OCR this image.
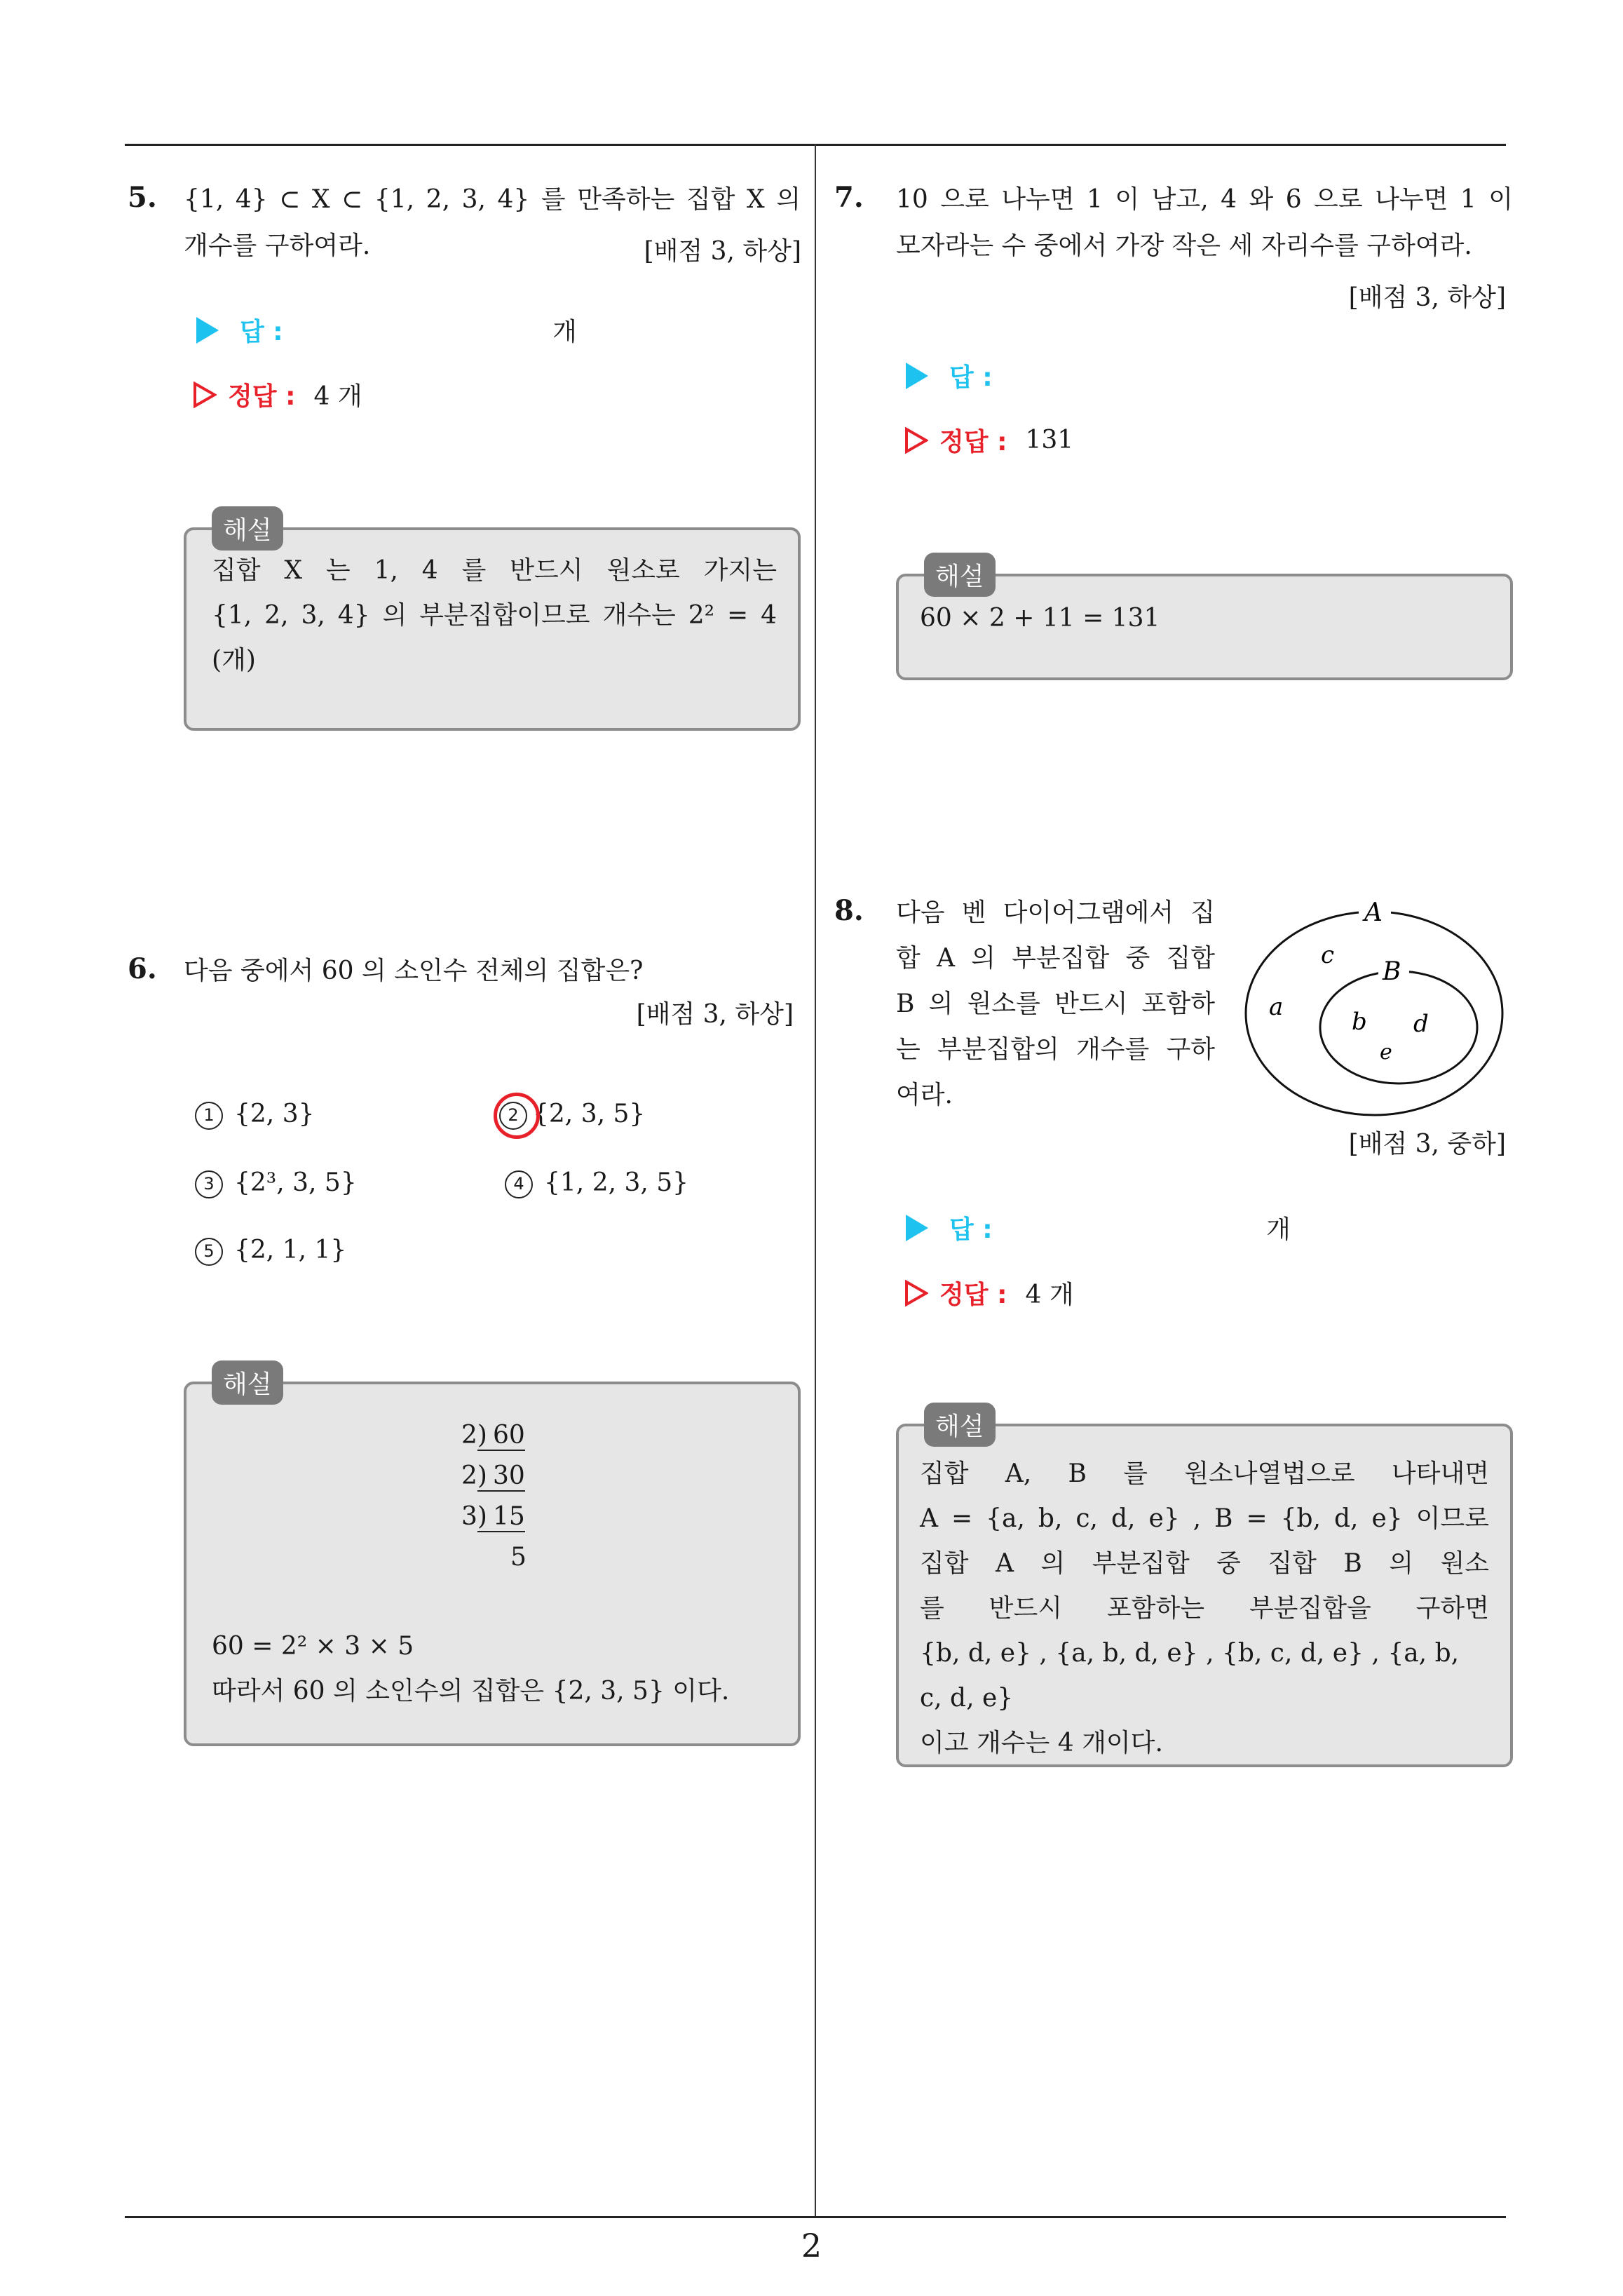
5. {1, 4} ⊂ X ⊂ {1, 2, 3, 4} 를 만족하는 집합 X 의
개수를 구하여라.	[배점 3, 하상]
답 :	개
정답 : 4 개
해설
집합 X 는 1, 4 를 반드시 원소로 가지는
{1, 2, 3, 4} 의 부분집합이므로 개수는 2² = 4
(개)
6. 다음 중에서 60 의 소인수 전체의 집합은?
[배점 3, 하상]
1 {2, 3}	2 {2, 3, 5}
3 {2³, 3, 5}	4 {1, 2, 3, 5}
5 {2, 1, 1}
해설
2) 60
2) 30
3) 15
5
60 = 2² × 3 × 5
따라서 60 의 소인수의 집합은 {2, 3, 5} 이다.
7. 10 으로 나누면 1 이 남고, 4 와 6 으로 나누면 1 이
모자라는 수 중에서 가장 작은 세 자리수를 구하여라.
[배점 3, 하상]
답 :
정답 : 131
해설
60 × 2 + 11 = 131
8. 다음 벤 다이어그램에서 집
합 A 의 부분집합 중 집합
B 의 원소를 반드시 포함하
는 부분집합의 개수를 구하
여라.
A
B
c
a
b d
e
[배점 3, 중하]
답 :	개
정답 : 4 개
해설
집합 A, B 를 원소나열법으로 나타내면
A = {a, b, c, d, e} , B = {b, d, e} 이므로
집합 A 의 부분집합 중 집합 B 의 원소
를 반드시 포함하는 부분집합을 구하면
{b, d, e} , {a, b, d, e} , {b, c, d, e} , {a, b, c, d, e}
이고 개수는 4 개이다.
2
